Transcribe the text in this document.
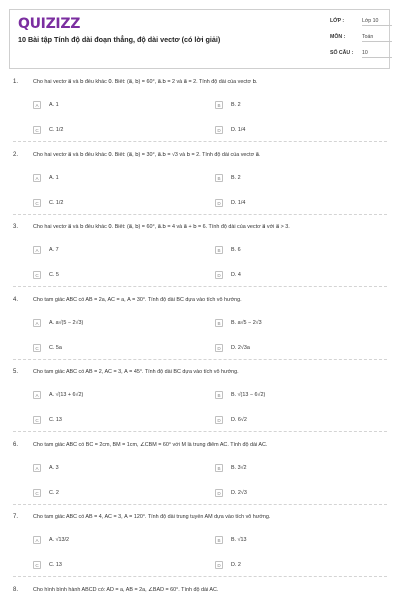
QUIZIZZ
10 Bài tập Tính độ dài đoạn thẳng, độ dài vectơ (có lời giải)
LỚP :	Lớp 10
MÔN :	Toán
SỐ CÂU : 10
1.	Cho hai vectơ a⃗ và b⃗ đều khác 0⃗. Biết: (a⃗, b⃗) = 60°, a⃗.b⃗ = 2 và a⃗ = 2. Tính độ dài của vectơ b⃗.
A	A. 1	B	B. 2
C	C. 1/2	D	D. 1/4
2.	Cho hai vectơ a⃗ và b⃗ đều khác 0⃗. Biết: (a⃗, b⃗) = 30°, a⃗.b⃗ = √3 và b⃗ = 2. Tính độ dài của vectơ a⃗.
A	A. 1	B	B. 2
C	C. 1/2	D	D. 1/4
3.	Cho hai vectơ a⃗ và b⃗ đều khác 0⃗. Biết: (a⃗, b⃗) = 60°, a⃗.b⃗ = 4 và a⃗ + b⃗ = 6. Tính độ dài của vectơ a⃗ với a⃗ > 3.
A	A. 7	B	B. 6
C	C. 5	D	D. 4
4.	Cho tam giác ABC có AB = 2a, AC = a, Â = 30°. Tính độ dài BC dựa vào tích vô hướng.
A	A. a√(5 − 2√3)	B	B. a√5 − 2√3
C	C. 5a	D	D. 2√3a
5.	Cho tam giác ABC có AB = 2, AC = 3, Â = 45°. Tính độ dài BC dựa vào tích vô hướng.
A	A. √(13 + 6√2)	B	B. √(13 − 6√2)
C	C. 13	D	D. 6√2
6.	Cho tam giác ABC có BC = 2cm, BM = 1cm, ∠CBM = 60° với M là trung điểm AC. Tính độ dài AC.
A	A. 3	B	B. 3√2
C	C. 2	D	D. 2√3
7.	Cho tam giác ABC có AB = 4, AC = 3, Â = 120°. Tính độ dài trung tuyến AM dựa vào tích vô hướng.
A	A. √13/2	B	B. √13
C	C. 13	D	D. 2
8.	Cho hình bình hành ABCD có: AD = a, AB = 2a, ∠BAD = 60°. Tính độ dài AC.
